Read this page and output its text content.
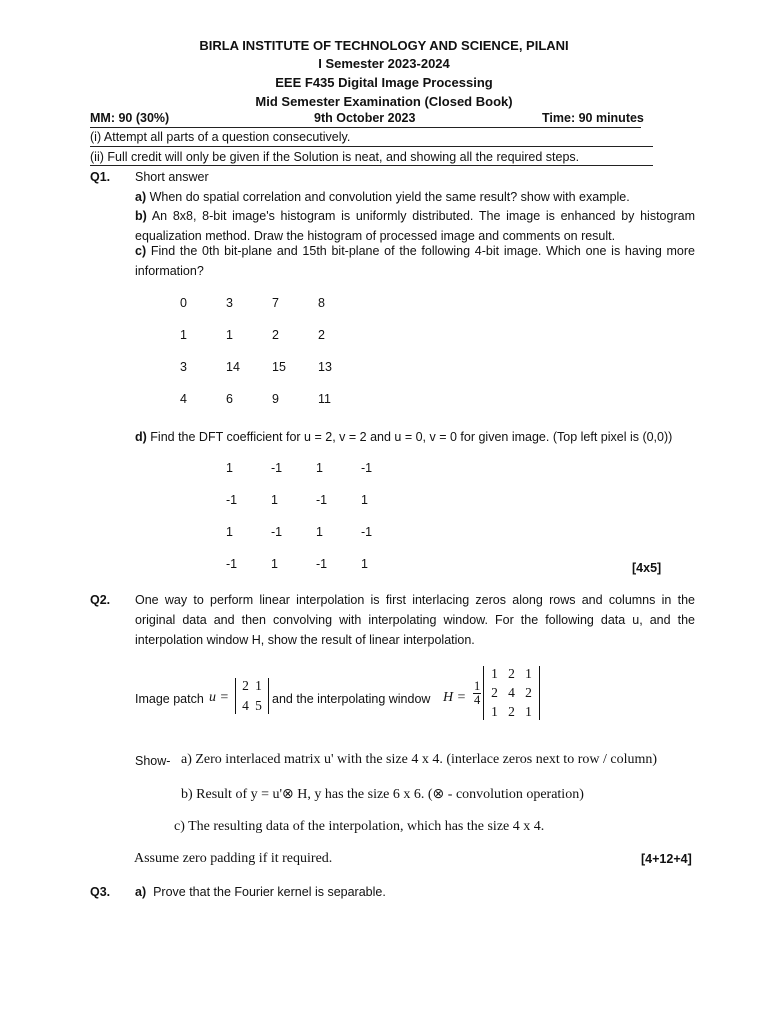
BIRLA INSTITUTE OF TECHNOLOGY AND SCIENCE, PILANI
I Semester 2023-2024
EEE F435 Digital Image Processing
Mid Semester Examination (Closed Book)
MM: 90 (30%)	9th October 2023	Time: 90 minutes
(i) Attempt all parts of a question consecutively.
(ii) Full credit will only be given if the Solution is neat, and showing all the required steps.
Q1. Short answer
a) When do spatial correlation and convolution yield the same result? show with example.
b) An 8x8, 8-bit image's histogram is uniformly distributed. The image is enhanced by histogram equalization method. Draw the histogram of processed image and comments on result.
c) Find the 0th bit-plane and 15th bit-plane of the following 4-bit image. Which one is having more information?
0	3	7	8
1	1	2	2
3	14	15	13
4	6	9	11
d) Find the DFT coefficient for u = 2, v = 2 and u = 0, v = 0 for given image. (Top left pixel is (0,0))
1	-1	1	-1
-1	1	-1	1
1	-1	1	-1
-1	1	-1	1	[4x5]
Q2. One way to perform linear interpolation is first interlacing zeros along rows and columns in the original data and then convolving with interpolating window. For the following data u, and the interpolation window H, show the result of linear interpolation.
Image patch u =
2 1
4 5 and the interpolating window $H = \frac{1}{4}$
1 2 1
2 4 2
1 2 1
Show- a) Zero interlaced matrix u' with the size 4 x 4. (interlace zeros next to row / column)
b) Result of y = u'⊗ H, y has the size 6 x 6. (⊗ - convolution operation)
c) The resulting data of the interpolation, which has the size 4 x 4.
Assume zero padding if it required.	[4+12+4]
Q3. a)  Prove that the Fourier kernel is separable.
